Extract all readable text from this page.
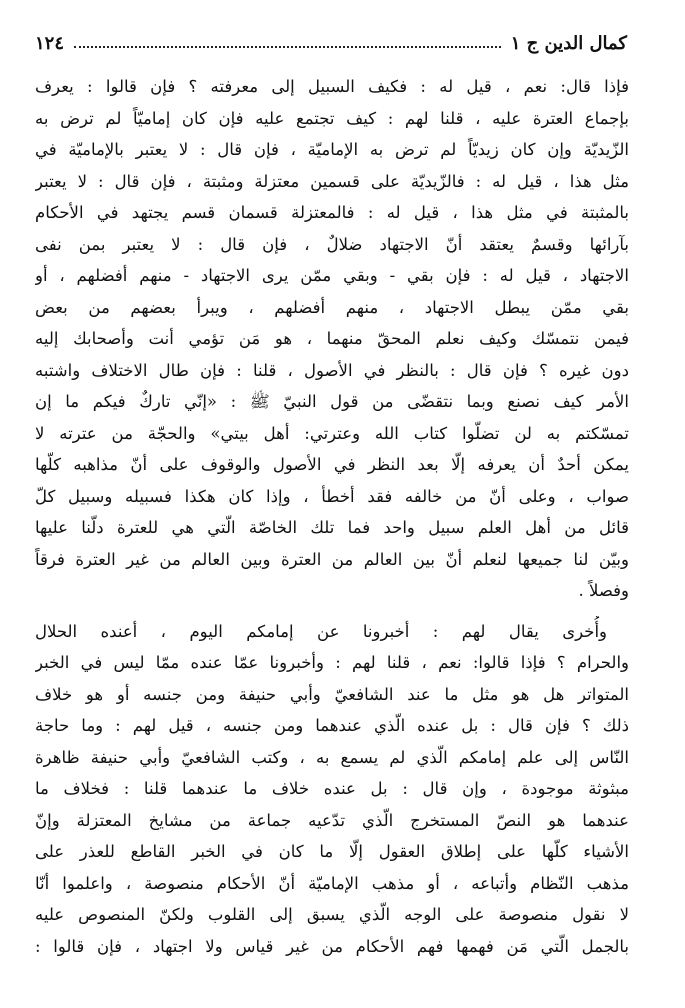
كمال الدين ج ١
١٢٤
فإذا قال: نعم ، قيل له : فكيف السبيل إلى معرفته ؟ فإن قالوا : يعرف
بإجماع العترة عليه ، قلنا لهم : كيف تجتمع عليه فإن كان إماميّاً لم ترض به
الزّيديّة وإن كان زيديّاً لم ترض به الإماميّة ، فإن قال : لا يعتبر بالإماميّة في
مثل هذا ، قيل له : فالزّيديّة على قسمين معتزلة ومثبتة ، فإن قال : لا يعتبر
بالمثبتة في مثل هذا ، قيل له : فالمعتزلة قسمان قسم يجتهد في الأحكام
بآرائها وقسمٌ يعتقد أنّ الاجتهاد ضلالٌ ، فإن قال : لا يعتبر بمن نفى
الاجتهاد ، قيل له : فإن بقي - وبقي ممّن يرى الاجتهاد - منهم أفضلهم ، أو
بقي ممّن يبطل الاجتهاد ، منهم أفضلهم ، ويبرأ بعضهم من بعض
فيمن نتمسّك وكيف نعلم المحقّ منهما ، هو مَن تؤمي أنت وأصحابك إليه
دون غيره ؟ فإن قال : بالنظر في الأصول ، قلنا : فإن طال الاختلاف واشتبه
الأمر كيف نصنع وبما نتقضّى من قول النبيّ ﷺ : «إنّي تاركٌ فيكم ما إن
تمسّكتم به لن تضلّوا كتاب الله وعترتي: أهل بيتي» والحجّة من عترته لا
يمكن أحدٌ أن يعرفه إلّا بعد النظر في الأصول والوقوف على أنّ مذاهبه كلّها
صواب ، وعلى أنّ من خالفه فقد أخطأ ، وإذا كان هكذا فسبيله وسبيل كلّ
قائل من أهل العلم سبيل واحد فما تلك الخاصّة الّتي هي للعترة دلّنا عليها
وبيّن لنا جميعها لنعلم أنّ بين العالم من العترة وبين العالم من غير العترة فرقاً
وفصلاً .
وأُخرى يقال لهم : أخبرونا عن إمامكم اليوم ، أعنده الحلال
والحرام ؟ فإذا قالوا: نعم ، قلنا لهم : وأخبرونا عمّا عنده ممّا ليس في الخبر
المتواتر هل هو مثل ما عند الشافعيّ وأبي حنيفة ومن جنسه أو هو خلاف
ذلك ؟ فإن قال : بل عنده الّذي عندهما ومن جنسه ، قيل لهم : وما حاجة
النّاس إلى علم إمامكم الّذي لم يسمع به ، وكتب الشافعيّ وأبي حنيفة ظاهرة
مبثوثة موجودة ، وإن قال : بل عنده خلاف ما عندهما قلنا : فخلاف ما
عندهما هو النصّ المستخرج الّذي تدّعيه جماعة من مشايخ المعتزلة وإنّ
الأشياء كلّها على إطلاق العقول إلّا ما كان في الخبر القاطع للعذر على
مذهب النّظام وأتباعه ، أو مذهب الإماميّة أنّ الأحكام منصوصة ، واعلموا أنّا
لا نقول منصوصة على الوجه الّذي يسبق إلى القلوب ولكنّ المنصوص عليه
بالجمل الّتي مَن فهمها فهم الأحكام من غير قياس ولا اجتهاد ، فإن قالوا :
